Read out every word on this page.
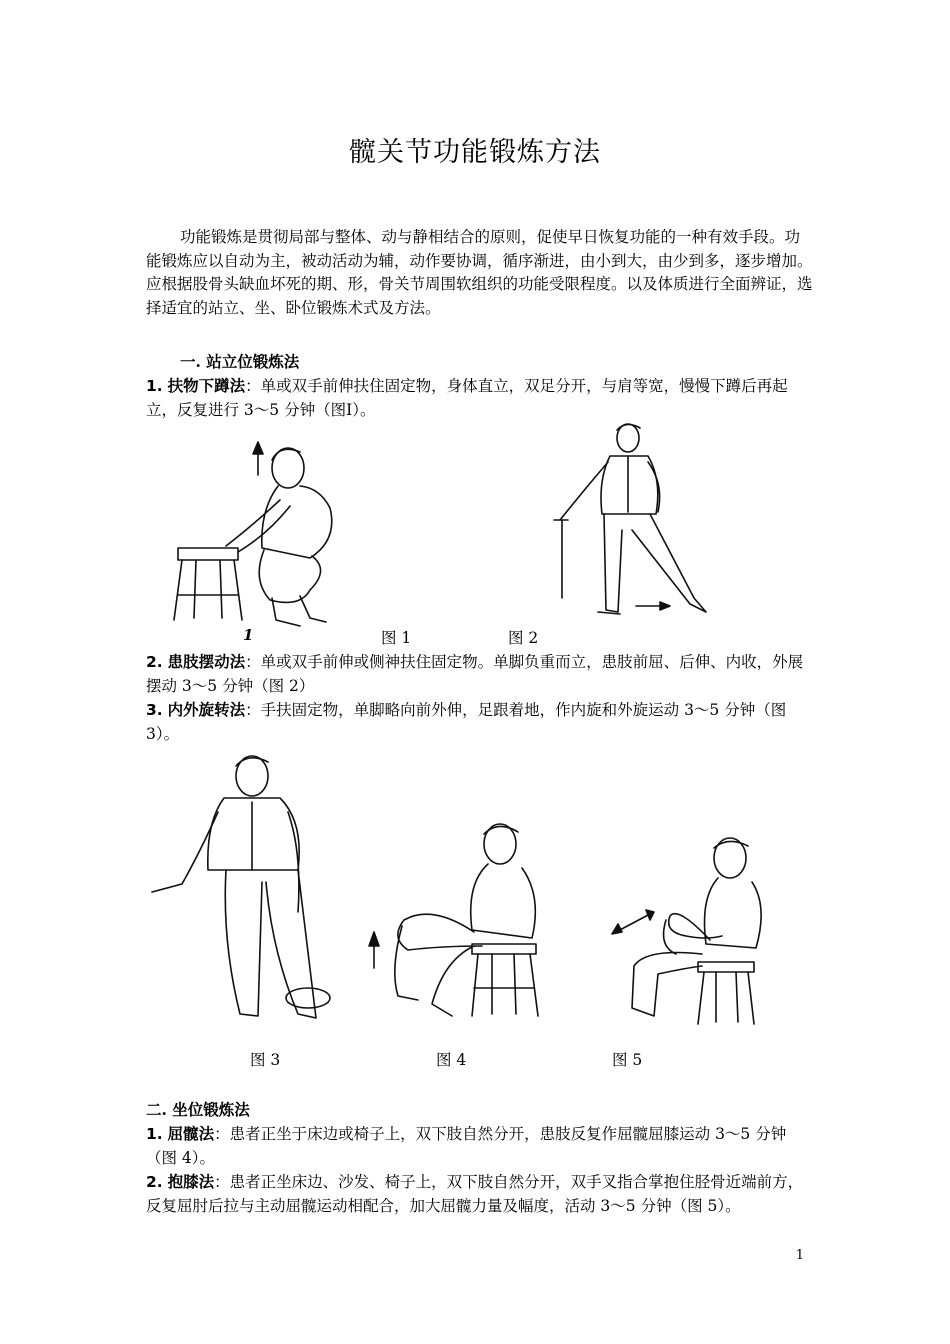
髋关节功能锻炼方法

功能锻炼是贯彻局部与整体、动与静相结合的原则，促使早日恢复功能的一种有效手段。功能锻炼应以自动为主，被动活动为辅，动作要协调，循序渐进，由小到大，由少到多，逐步增加。应根据股骨头缺血坏死的期、形，骨关节周围软组织的功能受限程度。以及体质进行全面辨证，选择适宜的站立、坐、卧位锻炼术式及方法。

一. 站立位锻炼法

1. 扶物下蹲法：单或双手前伸扶住固定物，身体直立，双足分开，与肩等宽，慢慢下蹲后再起立，反复进行 3～5 分钟（图Ⅰ）。

1	图 1	图 2

2. 患肢摆动法：单或双手前伸或侧神扶住固定物。单脚负重而立，患肢前屈、后伸、内收，外展摆动 3～5 分钟（图 2）

3. 内外旋转法：手扶固定物，单脚略向前外伸，足跟着地，作内旋和外旋运动 3～5 分钟（图 3）。

图 3	图 4	图 5
二. 坐位锻炼法

1. 屈髋法：患者正坐于床边或椅子上，双下肢自然分开，患肢反复作屈髋屈膝运动 3～5 分钟（图 4）。

2. 抱膝法：患者正坐床边、沙发、椅子上，双下肢自然分开，双手叉指合掌抱住胫骨近端前方，反复屈肘后拉与主动屈髋运动相配合，加大屈髋力量及幅度，活动 3～5 分钟（图 5）。

1
